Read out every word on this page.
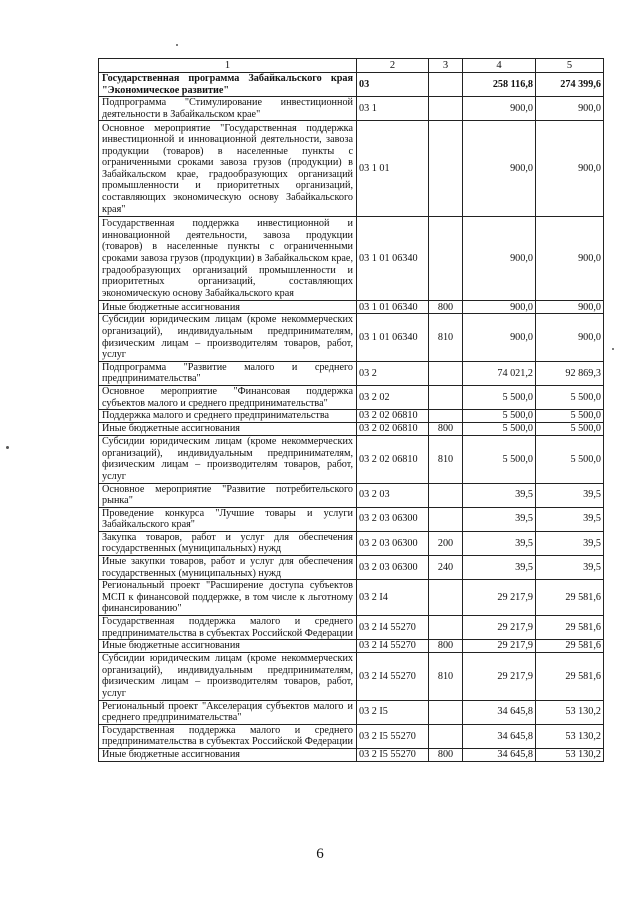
1	2	3	4	5
Государственная программа Забайкальского края "Экономическое развитие"	03		258 116,8	274 399,6
Подпрограмма "Стимулирование инвестиционной деятельности в Забайкальском крае"	03 1		900,0	900,0
Основное мероприятие "Государственная поддержка инвестиционной и инновационной деятельности, завоза продукции (товаров) в населенные пункты с ограниченными сроками завоза грузов (продукции) в Забайкальском крае, градообразующих организаций промышленности и приоритетных организаций, составляющих экономическую основу Забайкальского края"	03 1 01		900,0	900,0
Государственная поддержка инвестиционной и инновационной деятельности, завоза продукции (товаров) в населенные пункты с ограниченными сроками завоза грузов (продукции) в Забайкальском крае, градообразующих организаций промышленности и приоритетных организаций, составляющих экономическую основу Забайкальского края	03 1 01 06340		900,0	900,0
Иные бюджетные ассигнования	03 1 01 06340	800	900,0	900,0
Субсидии юридическим лицам (кроме некоммерческих организаций), индивидуальным предпринимателям, физическим лицам – производителям товаров, работ, услуг	03 1 01 06340	810	900,0	900,0
Подпрограмма "Развитие малого и среднего предпринимательства"	03 2		74 021,2	92 869,3
Основное мероприятие "Финансовая поддержка субъектов малого и среднего предпринимательства"	03 2 02		5 500,0	5 500,0
Поддержка малого и среднего предпринимательства	03 2 02 06810		5 500,0	5 500,0
Иные бюджетные ассигнования	03 2 02 06810	800	5 500,0	5 500,0
Субсидии юридическим лицам (кроме некоммерческих организаций), индивидуальным предпринимателям, физическим лицам – производителям товаров, работ, услуг	03 2 02 06810	810	5 500,0	5 500,0
Основное мероприятие "Развитие потребительского рынка"	03 2 03		39,5	39,5
Проведение конкурса "Лучшие товары и услуги Забайкальского края"	03 2 03 06300		39,5	39,5
Закупка товаров, работ и услуг для обеспечения государственных (муниципальных) нужд	03 2 03 06300	200	39,5	39,5
Иные закупки товаров, работ и услуг для обеспечения государственных (муниципальных) нужд	03 2 03 06300	240	39,5	39,5
Региональный проект "Расширение доступа субъектов МСП к финансовой поддержке, в том числе к льготному финансированию"	03 2 I4		29 217,9	29 581,6
Государственная поддержка малого и среднего предпринимательства в субъектах Российской Федерации	03 2 I4 55270		29 217,9	29 581,6
Иные бюджетные ассигнования	03 2 I4 55270	800	29 217,9	29 581,6
Субсидии юридическим лицам (кроме некоммерческих организаций), индивидуальным предпринимателям, физическим лицам – производителям товаров, работ, услуг	03 2 I4 55270	810	29 217,9	29 581,6
Региональный проект "Акселерация субъектов малого и среднего предпринимательства"	03 2 I5		34 645,8	53 130,2
Государственная поддержка малого и среднего предпринимательства в субъектах Российской Федерации	03 2 I5 55270		34 645,8	53 130,2
Иные бюджетные ассигнования	03 2 I5 55270	800	34 645,8	53 130,2
6
